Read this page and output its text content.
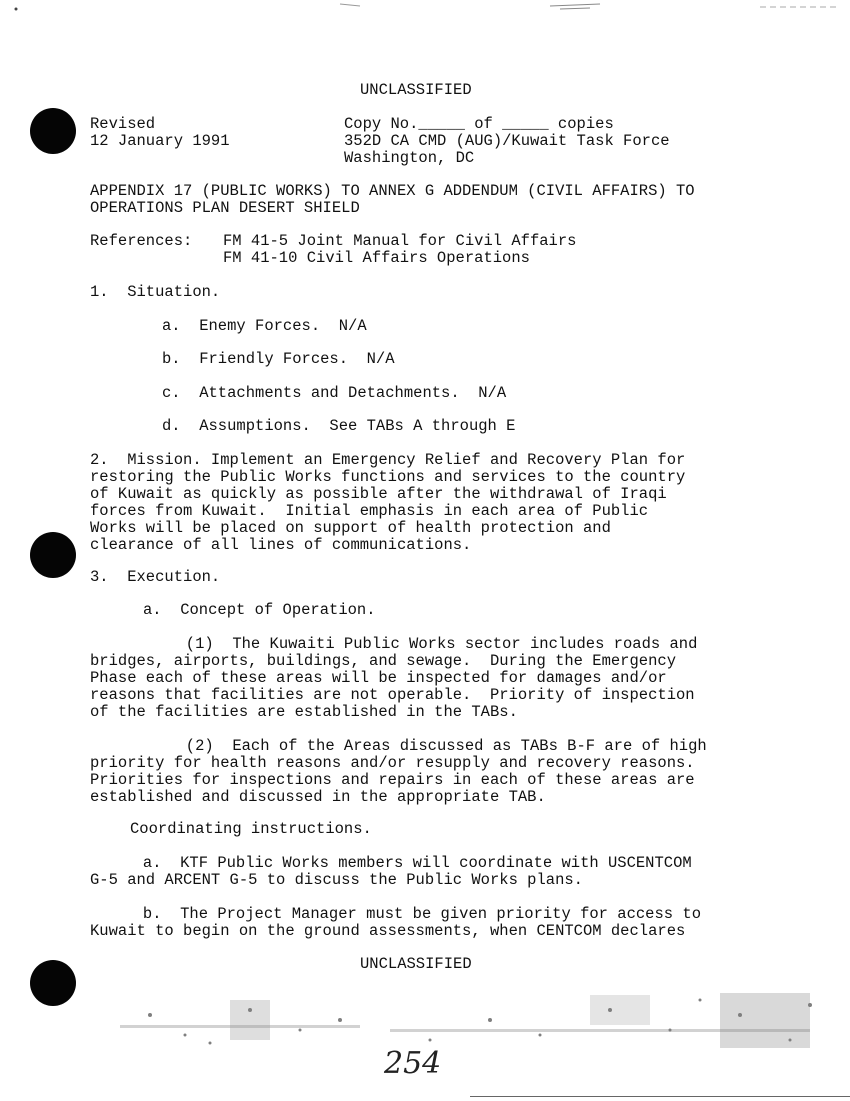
UNCLASSIFIED
Revised
12 January 1991
Copy No._____ of _____ copies
352D CA CMD (AUG)/Kuwait Task Force
Washington, DC
APPENDIX 17 (PUBLIC WORKS) TO ANNEX G ADDENDUM (CIVIL AFFAIRS) TO
OPERATIONS PLAN DESERT SHIELD
References: FM 41-5 Joint Manual for Civil Affairs
FM 41-10 Civil Affairs Operations
1.  Situation.
a.  Enemy Forces.  N/A
b.  Friendly Forces.  N/A
c.  Attachments and Detachments.  N/A
d.  Assumptions.  See TABs A through E
2.  Mission. Implement an Emergency Relief and Recovery Plan for
restoring the Public Works functions and services to the country
of Kuwait as quickly as possible after the withdrawal of Iraqi
forces from Kuwait.  Initial emphasis in each area of Public
Works will be placed on support of health protection and
clearance of all lines of communications.
3.  Execution.
a.  Concept of Operation.
(1)  The Kuwaiti Public Works sector includes roads and
bridges, airports, buildings, and sewage.  During the Emergency
Phase each of these areas will be inspected for damages and/or
reasons that facilities are not operable.  Priority of inspection
of the facilities are established in the TABs.
(2)  Each of the Areas discussed as TABs B-F are of high
priority for health reasons and/or resupply and recovery reasons.
Priorities for inspections and repairs in each of these areas are
established and discussed in the appropriate TAB.
Coordinating instructions.
a.  KTF Public Works members will coordinate with USCENTCOM
G-5 and ARCENT G-5 to discuss the Public Works plans.
b.  The Project Manager must be given priority for access to
Kuwait to begin on the ground assessments, when CENTCOM declares
UNCLASSIFIED
254
